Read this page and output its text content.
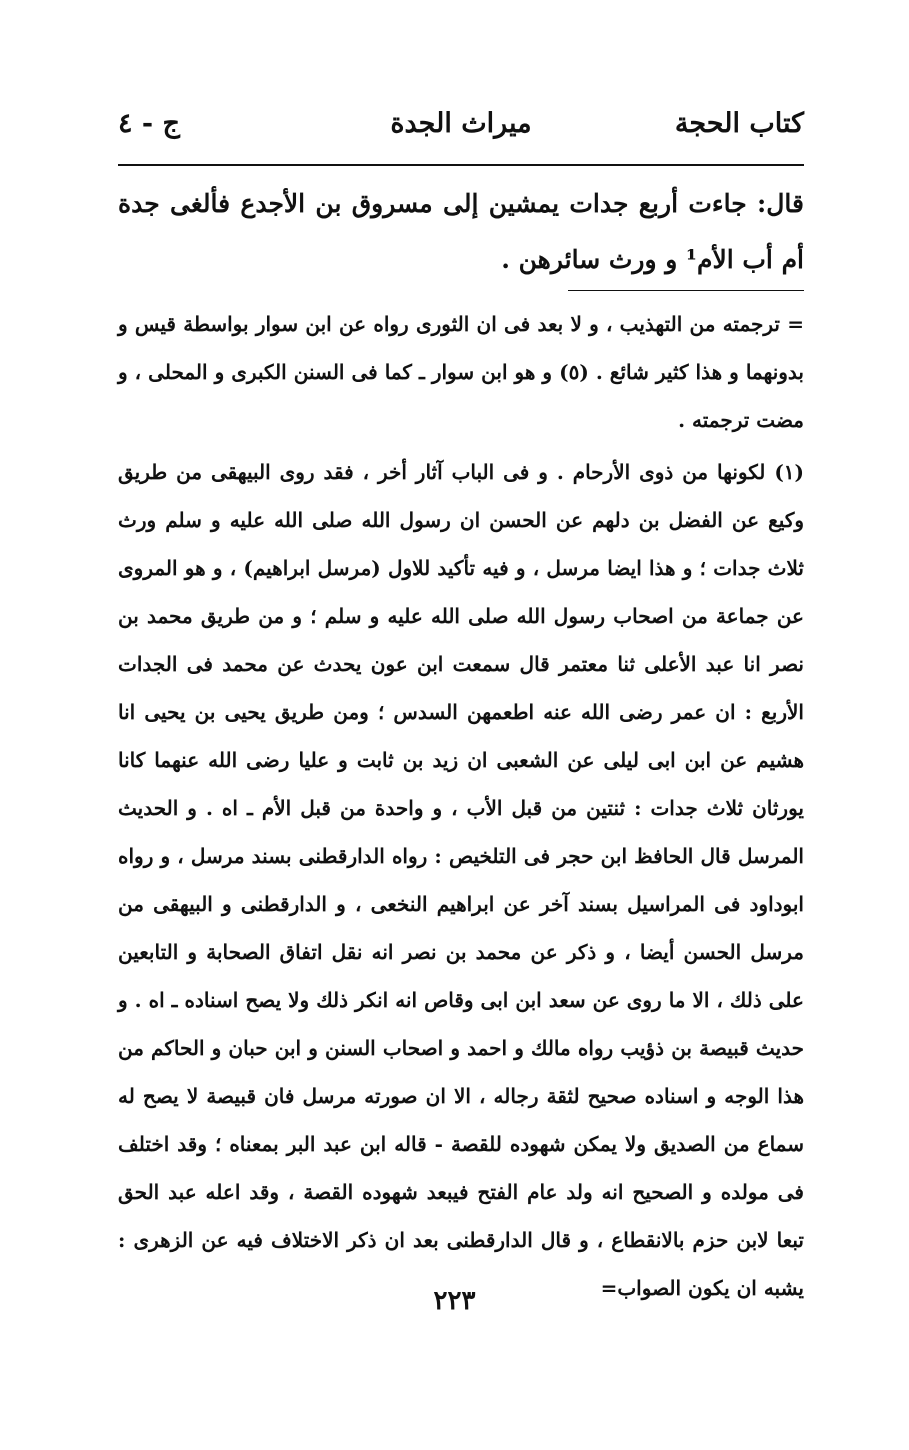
كتاب الحجة
ميراث الجدة
ج - ٤
قال: جاءت أربع جدات يمشين إلى مسروق بن الأجدع فألغى جدة أم أب الأم¹ و ورث سائرهن .

= ترجمته من التهذيب ، و لا بعد فى ان الثورى رواه عن ابن سوار بواسطة قيس و بدونهما و هذا كثير شائع . (٥) و هو ابن سوار ـ كما فى السنن الكبرى و المحلى ، و مضت ترجمته .

(١) لكونها من ذوى الأرحام . و فى الباب آثار أخر ، فقد روى البيهقى من طريق وكيع عن الفضل بن دلهم عن الحسن ان رسول الله صلى الله عليه و سلم ورث ثلاث جدات ؛ و هذا ايضا مرسل ، و فيه تأكيد للاول (مرسل ابراهيم) ، و هو المروى عن جماعة من اصحاب رسول الله صلى الله عليه و سلم ؛ و من طريق محمد بن نصر انا عبد الأعلى ثنا معتمر قال سمعت ابن عون يحدث عن محمد فى الجدات الأربع : ان عمر رضى الله عنه اطعمهن السدس ؛ ومن طريق يحيى بن يحيى انا هشيم عن ابن ابى ليلى عن الشعبى ان زيد بن ثابت و عليا رضى الله عنهما كانا يورثان ثلاث جدات : ثنتين من قبل الأب ، و واحدة من قبل الأم ـ اه . و الحديث المرسل قال الحافظ ابن حجر فى التلخيص : رواه الدارقطنى بسند مرسل ، و رواه ابوداود فى المراسيل بسند آخر عن ابراهيم النخعى ، و الدارقطنى و البيهقى من مرسل الحسن أيضا ، و ذكر عن محمد بن نصر انه نقل اتفاق الصحابة و التابعين على ذلك ، الا ما روى عن سعد ابن ابى وقاص انه انكر ذلك ولا يصح اسناده ـ اه . و حديث قبيصة بن ذؤيب رواه مالك و احمد و اصحاب السنن و ابن حبان و الحاكم من هذا الوجه و اسناده صحيح لثقة رجاله ، الا ان صورته مرسل فان قبيصة لا يصح له سماع من الصديق ولا يمكن شهوده للقصة - قاله ابن عبد البر بمعناه ؛ وقد اختلف فى مولده و الصحيح انه ولد عام الفتح فيبعد شهوده القصة ، وقد اعله عبد الحق تبعا لابن حزم بالانقطاع ، و قال الدارقطنى بعد ان ذكر الاختلاف فيه عن الزهرى : يشبه ان يكون الصواب=

٢٢٣
